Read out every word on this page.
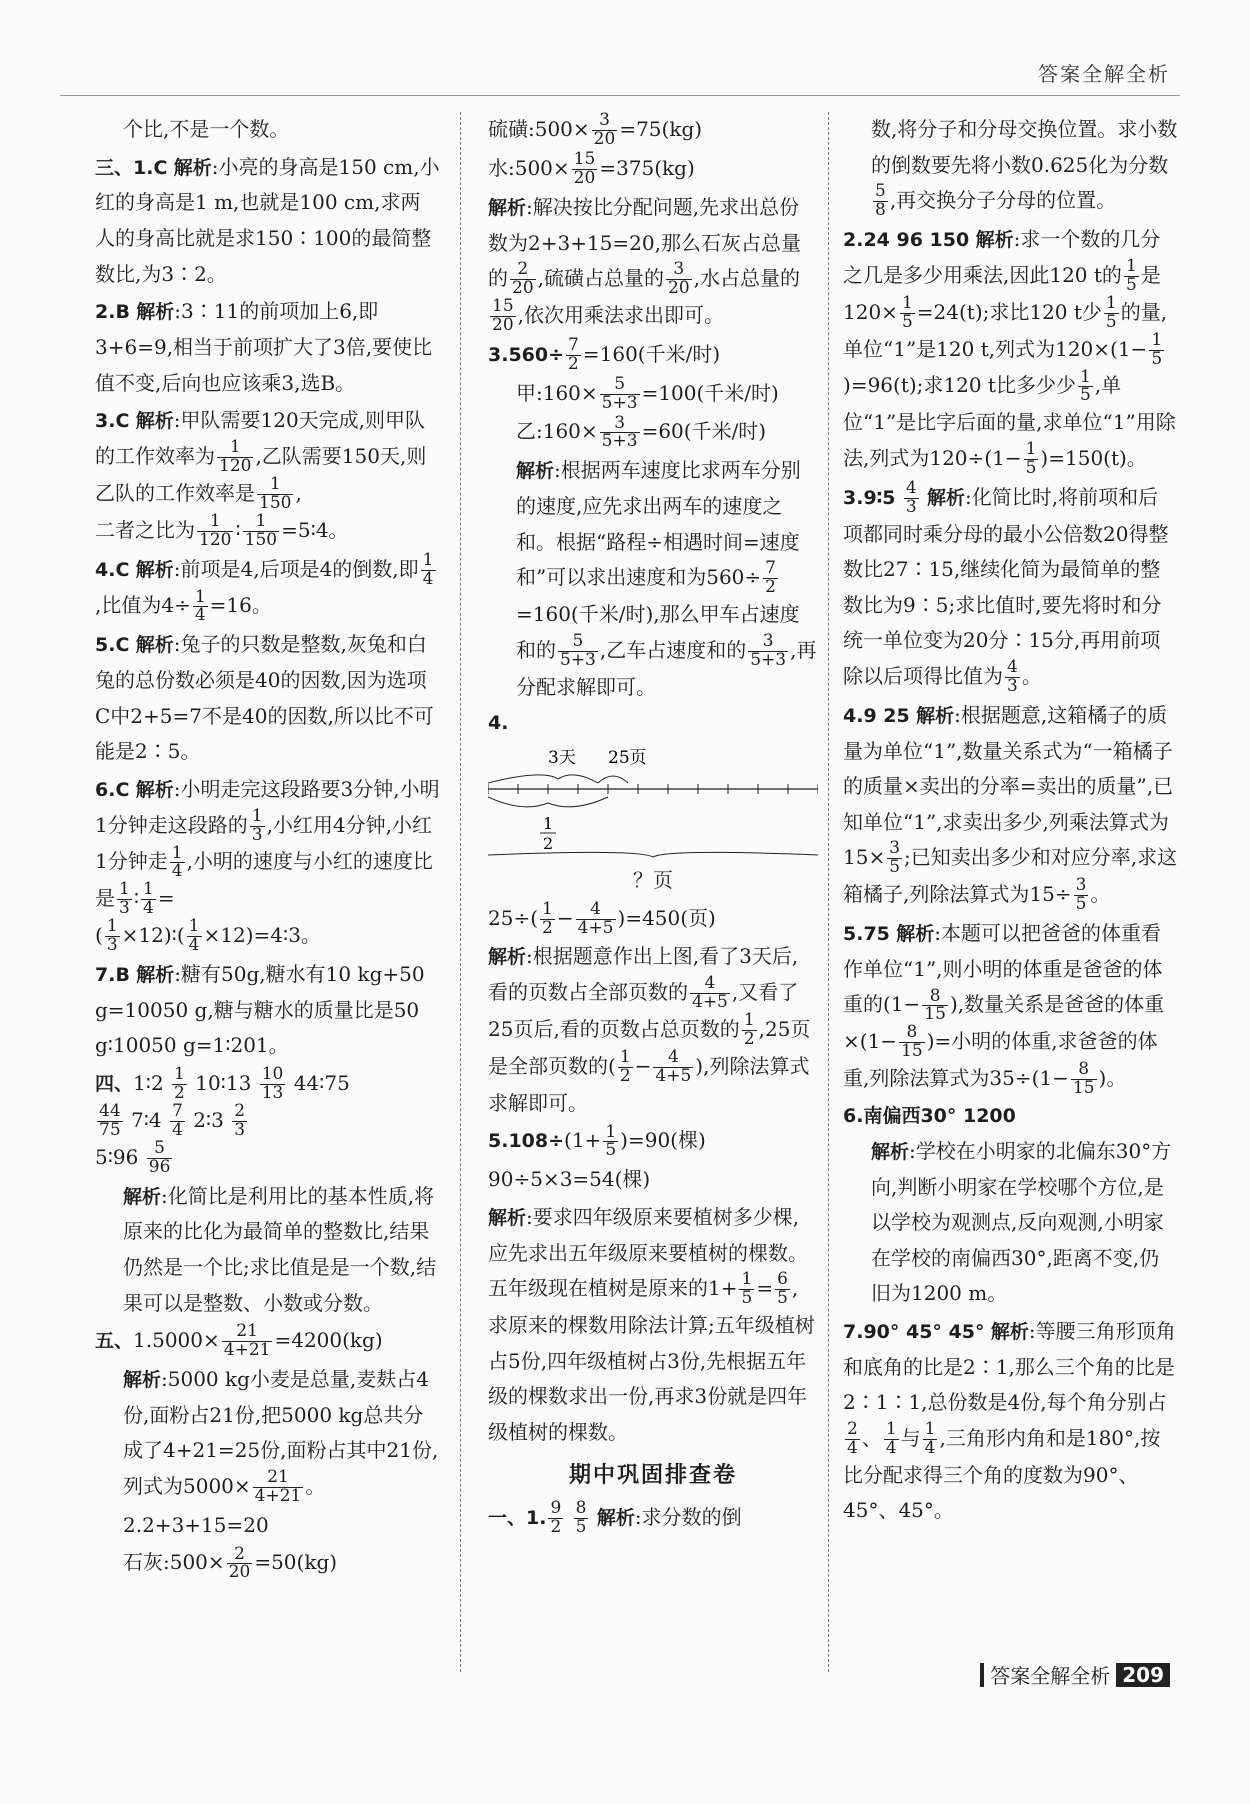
答案全解全析

个比,不是一个数。

三、1.C 解析:小亮的身高是150 cm,小红的身高是1 m,也就是100 cm,求两人的身高比就是求150∶100的最简整数比,为3∶2。

2.B 解析:3∶11的前项加上6,即3+6=9,相当于前项扩大了3倍,要使比值不变,后向也应该乘3,选B。

3.C 解析:甲队需要120天完成,则甲队的工作效率为 $\frac{1}{120}$ ,乙队需要150天,则乙队的工作效率是 $\frac{1}{150}$ ,
二者之比为 $\frac{1}{120}$ ∶ $\frac{1}{150}$ =5∶4。

4.C 解析:前项是4,后项是4的倒数,即 $\frac{1}{4}$
,比值为$4\div \frac{1}{4} =16$。

5.C 解析:兔子的只数是整数,灰兔和白兔的总份数必须是40的因数,因为选项C中2+5=7不是40的因数,所以比不可能是2∶5。

6.C 解析:小明走完这段路要3分钟,小明1分钟走这段路的 $\frac{1}{3}$ ,小红用4分钟,小红1分钟走 $\frac{1}{4}$ ,小明的速度与小红的速度比是 $\frac{1}{3}$ ∶ $\frac{1}{4}$ =
( $\frac{1}{3}$ ×12)∶( $\frac{1}{4}$ ×12)=4∶3。

7.B 解析:糖有50g,糖水有10 kg+50 g=10050 g,糖与糖水的质量比是50 g∶10050 g=1∶201。

四、1∶2 $\frac{1}{2}$ 10∶13 $\frac{10}{13}$ 44∶75

$\frac{44}{75}$ 7∶4 $\frac{7}{4}$ 2∶3 $\frac{2}{3}$

5∶96 $\frac{5}{96}$

解析:化简比是利用比的基本性质,将原来的比化为最简单的整数比,结果仍然是一个比;求比值是是一个数,结果可以是整数、小数或分数。

五、$1.5000\times \frac{21}{4+21} =4200(kg)$

解析:5000 kg小麦是总量,麦麸占4份,面粉占21份,把5000 kg总共分成了4+21=25份,面粉占其中21份,列式为$5000\times \frac{21}{4+21}$ 。

2.2+3+15=20

石灰:500× $\frac{2}{20} =50(kg)$

硫磺:500× $\frac{3}{20} =75(kg)$

水:500× $\frac{15}{20} =375(kg)$

解析:解决按比分配问题,先求出总份数为2+3+15=20,那么石灰占总量的 $\frac{2}{20}$ ,硫磺占总量的 $\frac{3}{20}$ ,水占总量的
$\frac{15}{20}$ ,依次用乘法求出即可。

$3.560\div \frac{7}{2} =160$(千米/时)

甲:160× $\frac{5}{5+3} =100$(千米/时)

乙:160× $\frac{3}{5+3} =60$(千米/时)

解析:根据两车速度比求两车分别的速度,应先求出两车的速度之和。根据“路程÷相遇时间=速度和”可以求出速度和为$560\div \frac{7}{2}$
=160(千米/时),那么甲车占速度和的 $\frac{5}{5+3}$ ,乙车占速度和的 $\frac{3}{5+3}$ ,再分配求解即可。

4.

3天 25页
1
2

？页

$25\div( \frac{1}{2} - \frac{4}{4+5} )=450$(页)

解析:根据题意作出上图,看了3天后,看的页数占全部页数的 $\frac{4}{4+5}$ ,又看了25页后,看的页数占总页数的 $\frac{1}{2} ,25$页是全部页数的( $\frac{1}{2} - \frac{4}{4+5}$ ),列除法算式求解即可。

$5.108\div(1+ \frac{1}{5} )=90$(棵)

90÷5×3=54(棵)

解析:要求四年级原来要植树多少棵,应先求出五年级原来要植树的棵数。五年级现在植树是原来的$1+ \frac{1}{5} = \frac{6}{5}$ ,求原来的棵数用除法计算;五年级植树占5份,四年级植树占3份,先根据五年级的棵数求出一份,再求3份就是四年级植树的棵数。

期中巩固排查卷

一、1. $\frac{9}{2}$
$\frac{8}{5}$ 解析:求分数的倒

数,将分子和分母交换位置。求小数的倒数要先将小数0.625化为分数
$\frac{5}{8}$ ,再交换分子分母的位置。

2.24 96 150 解析:求一个数的几分之几是多少用乘法,因此120 t的 $\frac{1}{5}$ 是$120\times \frac{1}{5} =24(t)$;求比120 t少 $\frac{1}{5}$ 的量,单位“1”是120 t,列式为$120\times(1- \frac{1}{5}$
)=96(t);求120 t比多少少 $\frac{1}{5}$ ,单位“1”是比字后面的量,求单位“1”用除法,列式为$120\div(1- \frac{1}{5} )=150(t)$。

3.9∶5 $\frac{4}{3}$ 解析:化简比时,将前项和后项都同时乘分母的最小公倍数20得整数比27∶15,继续化简为最简单的整数比为9∶5;求比值时,要先将时和分统一单位变为20分∶15分,再用前项除以后项得比值为 $\frac{4}{3}$ 。

4.9 25 解析:根据题意,这箱橘子的质量为单位“1”,数量关系式为“一箱橘子的质量×卖出的分率=卖出的质量”,已知单位“1”,求卖出多少,列乘法算式为$15\times \frac{3}{5}$ ;已知卖出多少和对应分率,求这箱橘子,列除法算式为$15\div \frac{3}{5}$ 。

5.75 解析:本题可以把爸爸的体重看作单位“1”,则小明的体重是爸爸的体重的($1- \frac{8}{15}$ ),数量关系是爸爸的体重$\times(1- \frac{8}{15}$ )=小明的体重,求爸爸的体重,列除法算式为$35\div(1- \frac{8}{15}$ )。

6.南偏西30° 1200

解析:学校在小明家的北偏东30°方向,判断小明家在学校哪个方位,是以学校为观测点,反向观测,小明家在学校的南偏西30°,距离不变,仍旧为1200 m。

7.90° 45° 45° 解析:等腰三角形顶角和底角的比是2∶1,那么三个角的比是2∶1∶1,总份数是4份,每个角分别占
$\frac{2}{4}$ 、 $\frac{1}{4}$ 与 $\frac{1}{4}$ ,三角形内角和是180°,按比分配求得三个角的度数为90°、45°、45°。

答案全解全析 209
